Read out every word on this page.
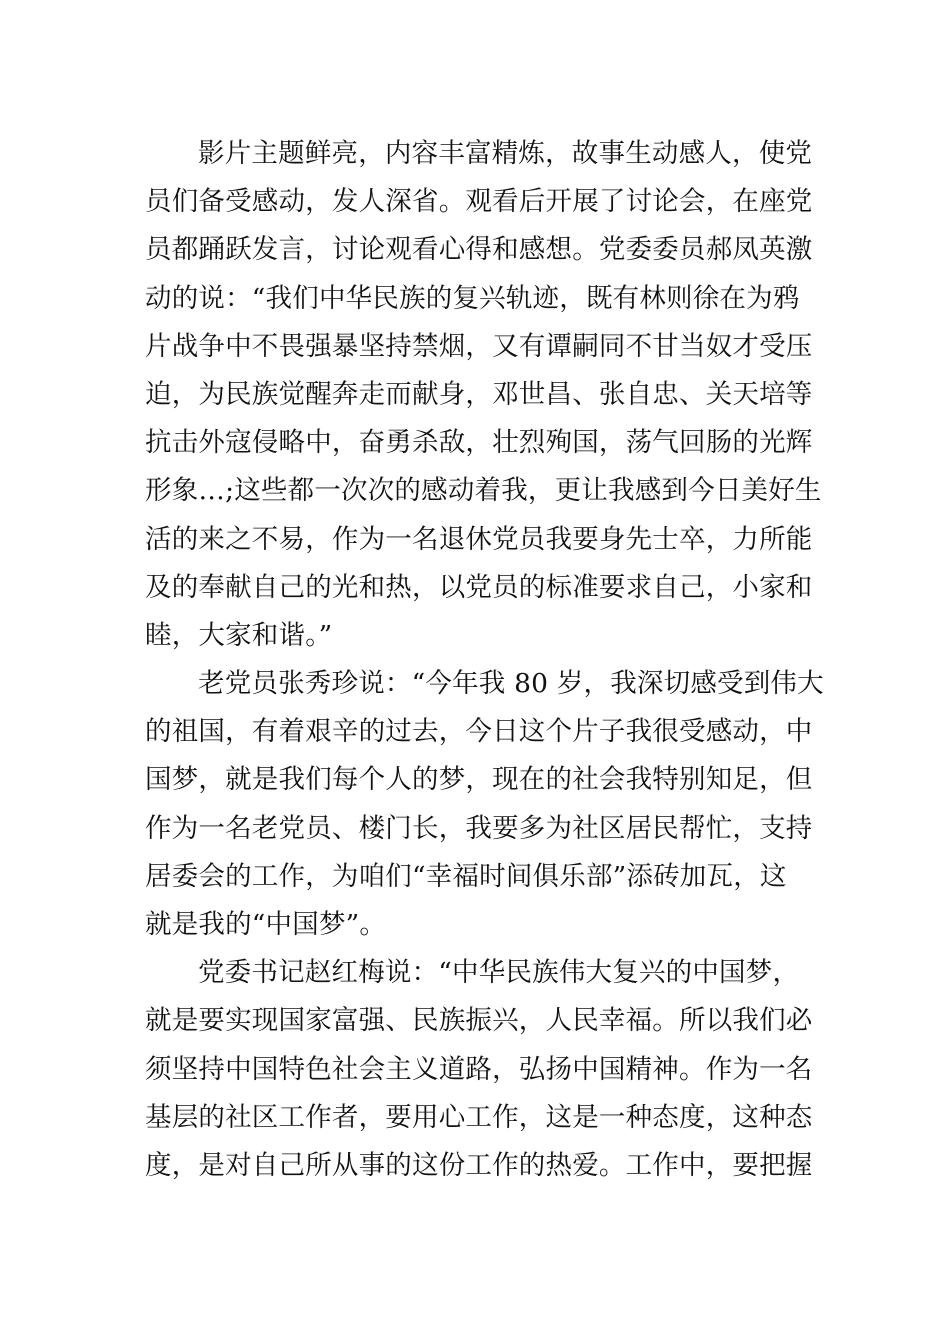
影片主题鲜亮，内容丰富精炼，故事生动感人，使党
员们备受感动，发人深省。观看后开展了讨论会，在座党
员都踊跃发言，讨论观看心得和感想。党委委员郝凤英激
动的说：“我们中华民族的复兴轨迹，既有林则徐在为鸦
片战争中不畏强暴坚持禁烟，又有谭嗣同不甘当奴才受压
迫，为民族觉醒奔走而献身，邓世昌、张自忠、关天培等
抗击外寇侵略中，奋勇杀敌，壮烈殉国，荡气回肠的光辉
形象…;这些都一次次的感动着我，更让我感到今日美好生
活的来之不易，作为一名退休党员我要身先士卒，力所能
及的奉献自己的光和热，以党员的标准要求自己，小家和
睦，大家和谐。”
老党员张秀珍说：“今年我 80 岁，我深切感受到伟大
的祖国，有着艰辛的过去，今日这个片子我很受感动，中
国梦，就是我们每个人的梦，现在的社会我特别知足，但
作为一名老党员、楼门长，我要多为社区居民帮忙，支持
居委会的工作，为咱们“幸福时间俱乐部”添砖加瓦，这
就是我的“中国梦”。
党委书记赵红梅说：“中华民族伟大复兴的中国梦，
就是要实现国家富强、民族振兴，人民幸福。所以我们必
须坚持中国特色社会主义道路，弘扬中国精神。作为一名
基层的社区工作者，要用心工作，这是一种态度，这种态
度，是对自己所从事的这份工作的热爱。工作中，要把握
